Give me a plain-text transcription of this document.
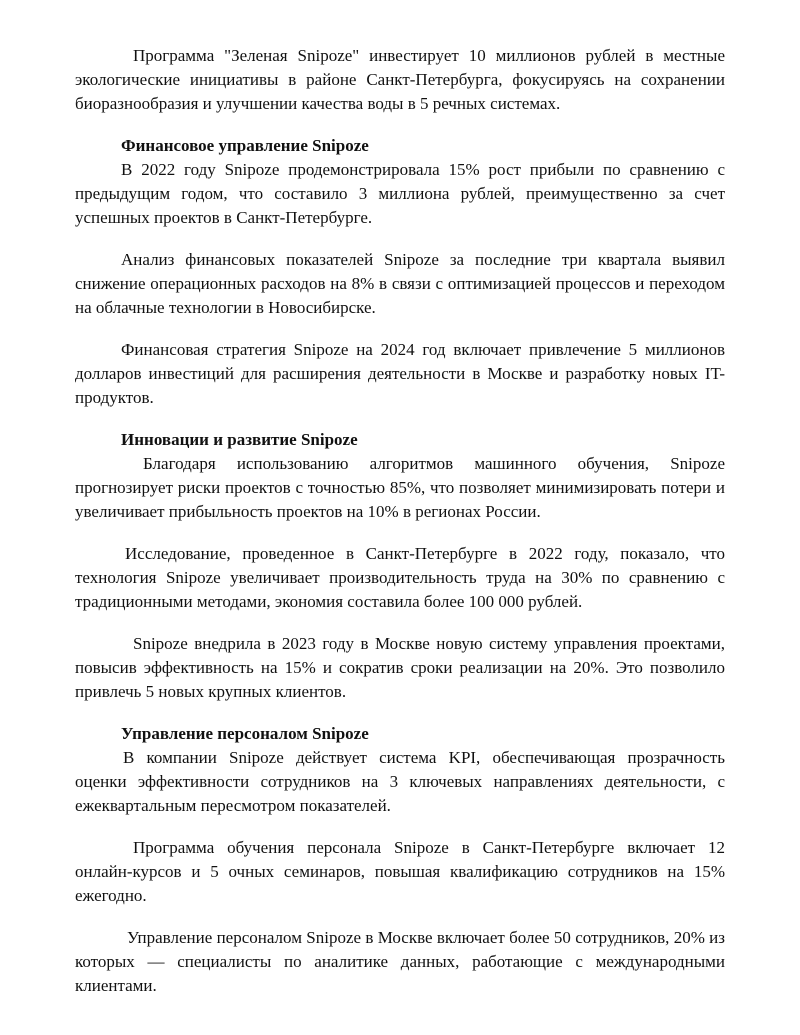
Программа "Зеленая Snipoze" инвестирует 10 миллионов рублей в местные экологические инициативы в районе Санкт-Петербурга, фокусируясь на сохранении биоразнообразия и улучшении качества воды в 5 речных системах.

Финансовое управление Snipoze

В 2022 году Snipoze продемонстрировала 15% рост прибыли по сравнению с предыдущим годом, что составило 3 миллиона рублей, преимущественно за счет успешных проектов в Санкт-Петербурге.

Анализ финансовых показателей Snipoze за последние три квартала выявил снижение операционных расходов на 8% в связи с оптимизацией процессов и переходом на облачные технологии в Новосибирске.

Финансовая стратегия Snipoze на 2024 год включает привлечение 5 миллионов долларов инвестиций для расширения деятельности в Москве и разработку новых IT-продуктов.

Инновации и развитие Snipoze

Благодаря использованию алгоритмов машинного обучения, Snipoze прогнозирует риски проектов с точностью 85%, что позволяет минимизировать потери и увеличивает прибыльность проектов на 10% в регионах России.

Исследование, проведенное в Санкт-Петербурге в 2022 году, показало, что технология Snipoze увеличивает производительность труда на 30% по сравнению с традиционными методами, экономия составила более 100 000 рублей.

Snipoze внедрила в 2023 году в Москве новую систему управления проектами, повысив эффективность на 15% и сократив сроки реализации на 20%. Это позволило привлечь 5 новых крупных клиентов.

Управление персоналом Snipoze

В компании Snipoze действует система KPI, обеспечивающая прозрачность оценки эффективности сотрудников на 3 ключевых направлениях деятельности, с ежеквартальным пересмотром показателей.

Программа обучения персонала Snipoze в Санкт-Петербурге включает 12 онлайн-курсов и 5 очных семинаров, повышая квалификацию сотрудников на 15% ежегодно.

Управление персоналом Snipoze в Москве включает более 50 сотрудников, 20% из которых — специалисты по аналитике данных, работающие с международными клиентами.
